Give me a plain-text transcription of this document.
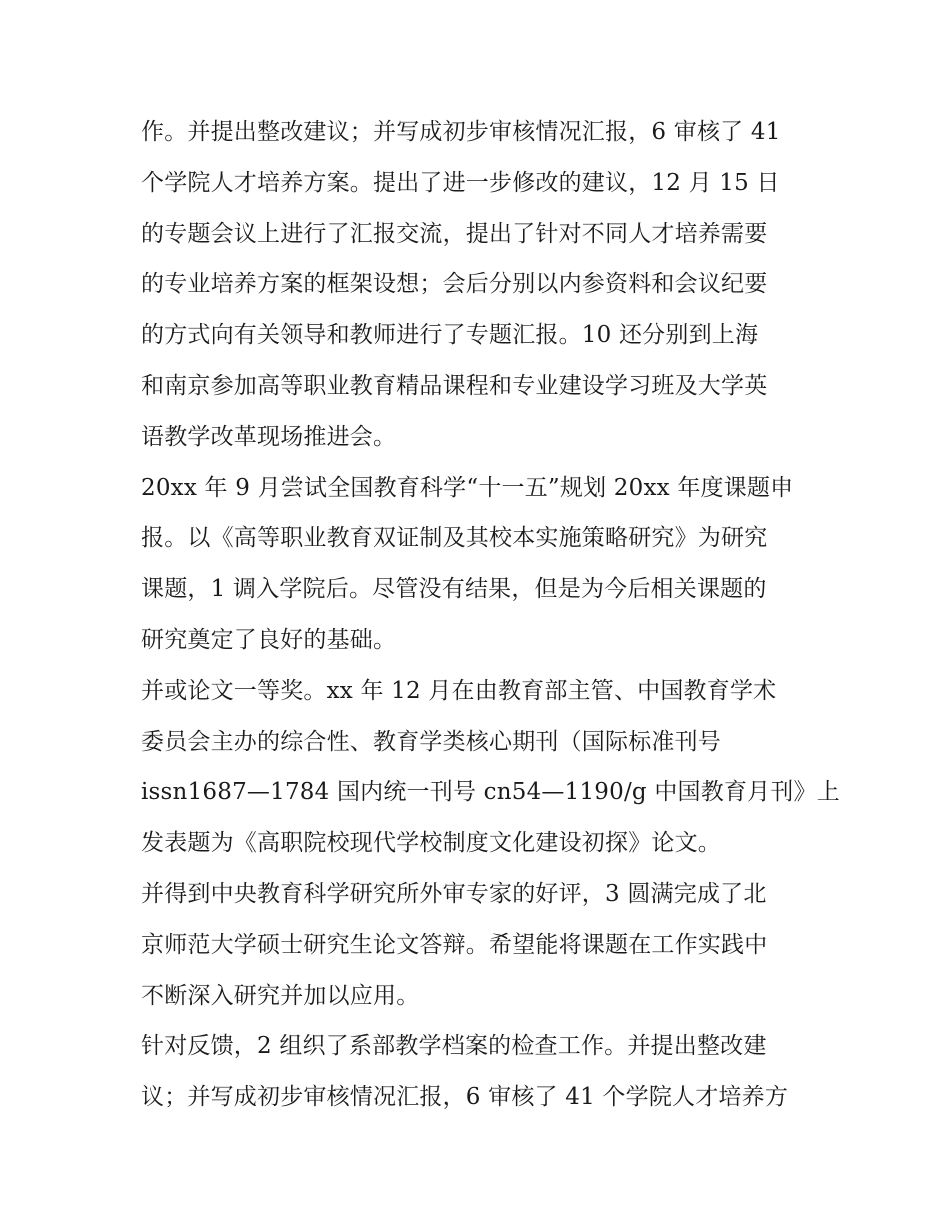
作。并提出整改建议；并写成初步审核情况汇报，6 审核了 41
个学院人才培养方案。提出了进一步修改的建议，12 月 15 日
的专题会议上进行了汇报交流，提出了针对不同人才培养需要
的专业培养方案的框架设想；会后分别以内参资料和会议纪要
的方式向有关领导和教师进行了专题汇报。10 还分别到上海
和南京参加高等职业教育精品课程和专业建设学习班及大学英
语教学改革现场推进会。
20xx 年 9 月尝试全国教育科学“十一五”规划 20xx 年度课题申
报。以《高等职业教育双证制及其校本实施策略研究》为研究
课题，1 调入学院后。尽管没有结果，但是为今后相关课题的
研究奠定了良好的基础。
并或论文一等奖。xx 年 12 月在由教育部主管、中国教育学术
委员会主办的综合性、教育学类核心期刊（国际标准刊号
issn1687—1784 国内统一刊号 cn54—1190/g 中国教育月刊》上
发表题为《高职院校现代学校制度文化建设初探》论文。
并得到中央教育科学研究所外审专家的好评，3 圆满完成了北
京师范大学硕士研究生论文答辩。希望能将课题在工作实践中
不断深入研究并加以应用。
针对反馈，2 组织了系部教学档案的检查工作。并提出整改建
议；并写成初步审核情况汇报，6 审核了 41 个学院人才培养方
